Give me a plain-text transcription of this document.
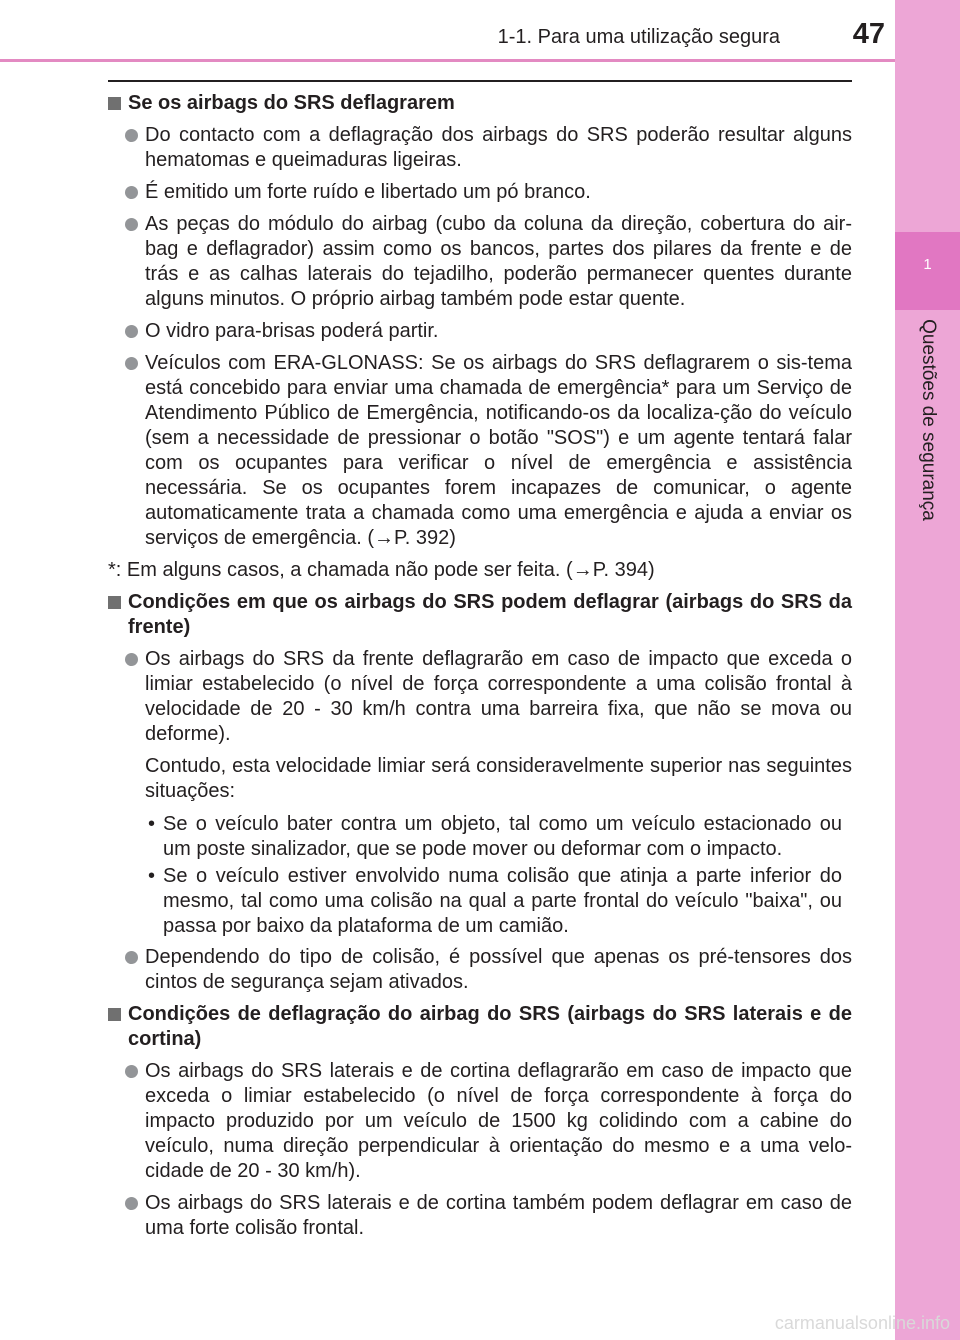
1-1. Para uma utilização segura	47
1
Questões de segurança
Se os airbags do SRS deflagrarem
Do contacto com a deflagração dos airbags do SRS poderão resultar alguns hematomas e queimaduras ligeiras.
É emitido um forte ruído e libertado um pó branco.
As peças do módulo do airbag (cubo da coluna da direção, cobertura do air-bag e deflagrador) assim como os bancos, partes dos pilares da frente e de trás e as calhas laterais do tejadilho, poderão permanecer quentes durante alguns minutos. O próprio airbag também pode estar quente.
O vidro para-brisas poderá partir.
Veículos com ERA-GLONASS: Se os airbags do SRS deflagrarem o sis-tema está concebido para enviar uma chamada de emergência* para um Serviço de Atendimento Público de Emergência, notificando-os da localiza-ção do veículo (sem a necessidade de pressionar o botão "SOS") e um agente tentará falar com os ocupantes para verificar o nível de emergência e assistência necessária. Se os ocupantes forem incapazes de comunicar, o agente automaticamente trata a chamada como uma emergência e ajuda a enviar os serviços de emergência. (→P. 392)
*: Em alguns casos, a chamada não pode ser feita. (→P. 394)
Condições em que os airbags do SRS podem deflagrar (airbags do SRS da frente)
Os airbags do SRS da frente deflagrarão em caso de impacto que exceda o limiar estabelecido (o nível de força correspondente a uma colisão frontal à velocidade de 20 - 30 km/h contra uma barreira fixa, que não se mova ou deforme).
Contudo, esta velocidade limiar será consideravelmente superior nas seguintes situações:
• Se o veículo bater contra um objeto, tal como um veículo estacionado ou um poste sinalizador, que se pode mover ou deformar com o impacto.
• Se o veículo estiver envolvido numa colisão que atinja a parte inferior do mesmo, tal como uma colisão na qual a parte frontal do veículo "baixa", ou passa por baixo da plataforma de um camião.
Dependendo do tipo de colisão, é possível que apenas os pré-tensores dos cintos de segurança sejam ativados.
Condições de deflagração do airbag do SRS (airbags do SRS laterais e de cortina)
Os airbags do SRS laterais e de cortina deflagrarão em caso de impacto que exceda o limiar estabelecido (o nível de força correspondente à força do impacto produzido por um veículo de 1500 kg colidindo com a cabine do veículo, numa direção perpendicular à orientação do mesmo e a uma velo-cidade de 20 - 30 km/h).
Os airbags do SRS laterais e de cortina também podem deflagrar em caso de uma forte colisão frontal.
carmanualsonline.info
